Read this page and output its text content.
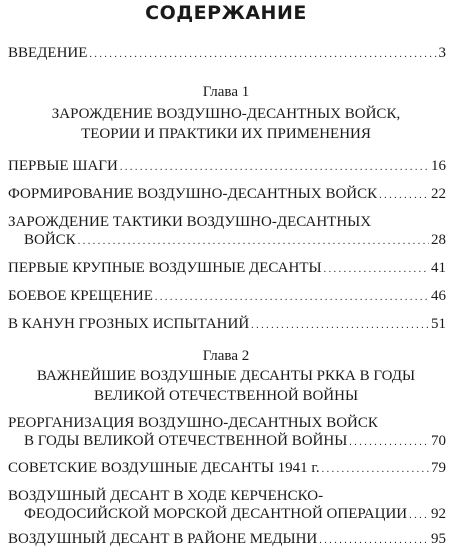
СОДЕРЖАНИЕ
ВВЕДЕНИЕ . . .	3
Глава 1
ЗАРОЖДЕНИЕ ВОЗДУШНО-ДЕСАНТНЫХ ВОЙСК,
ТЕОРИИ И ПРАКТИКИ ИХ ПРИМЕНЕНИЯ
ПЕРВЫЕ ШАГИ . . .	16
ФОРМИРОВАНИЕ ВОЗДУШНО-ДЕСАНТНЫХ ВОЙСК . . .	22
ЗАРОЖДЕНИЕ ТАКТИКИ ВОЗДУШНО-ДЕСАНТНЫХ
ВОЙСК . . .	28
ПЕРВЫЕ КРУПНЫЕ ВОЗДУШНЫЕ ДЕСАНТЫ . . .	41
БОЕВОЕ КРЕЩЕНИЕ . . .	46
В КАНУН ГРОЗНЫХ ИСПЫТАНИЙ . . .	51
Глава 2
ВАЖНЕЙШИЕ ВОЗДУШНЫЕ ДЕСАНТЫ РККА В ГОДЫ
ВЕЛИКОЙ ОТЕЧЕСТВЕННОЙ ВОЙНЫ
РЕОРГАНИЗАЦИЯ ВОЗДУШНО-ДЕСАНТНЫХ ВОЙСК
В ГОДЫ ВЕЛИКОЙ ОТЕЧЕСТВЕННОЙ ВОЙНЫ . . .	70
СОВЕТСКИЕ ВОЗДУШНЫЕ ДЕСАНТЫ 1941 г. . . .	79
ВОЗДУШНЫЙ ДЕСАНТ В ХОДЕ КЕРЧЕНСКО-
ФЕОДОСИЙСКОЙ МОРСКОЙ ДЕСАНТНОЙ ОПЕРАЦИИ . . . 92
ВОЗДУШНЫЙ ДЕСАНТ В РАЙОНЕ МЕДЫНИ . . .	95
